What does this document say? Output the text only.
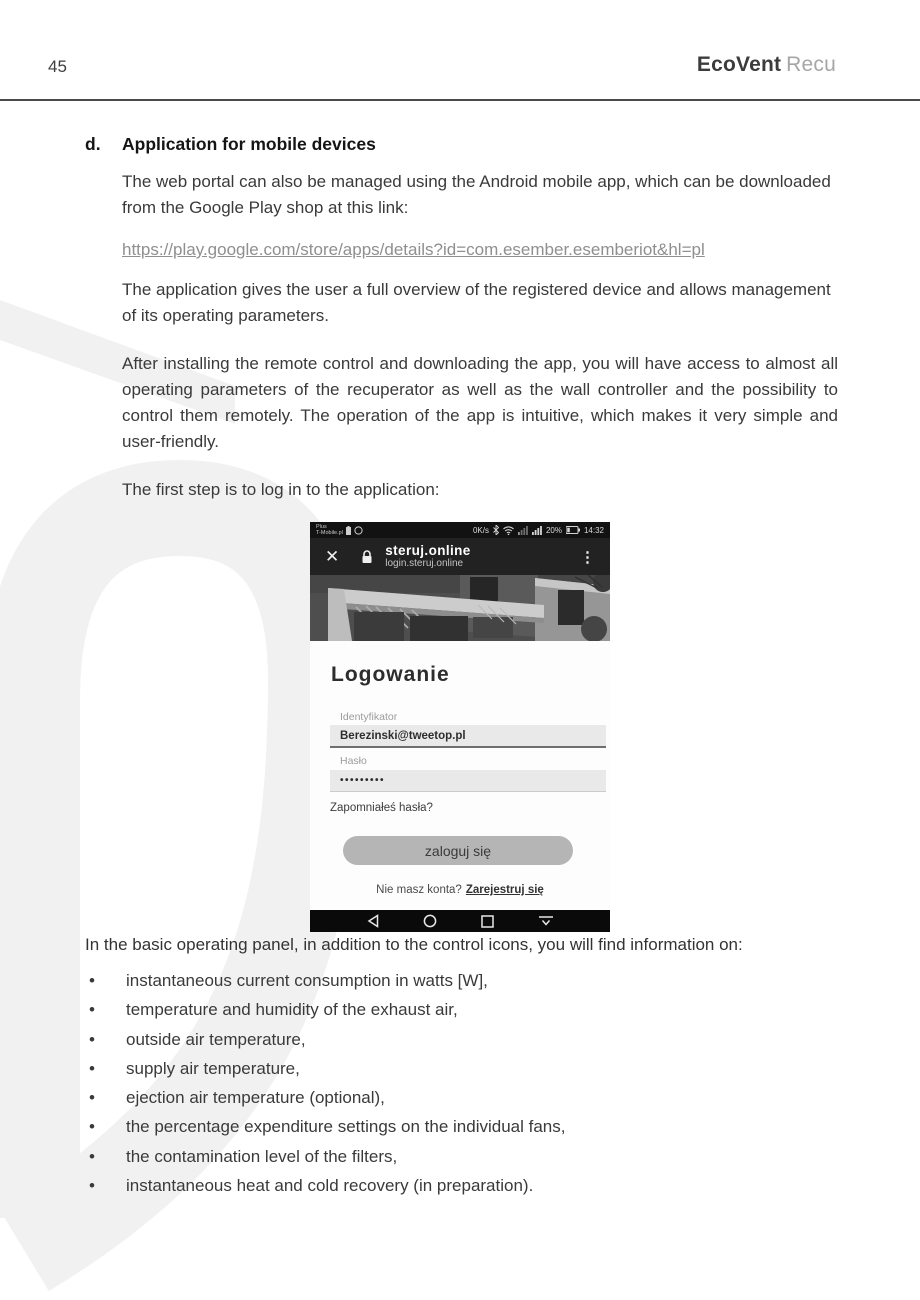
45	EcoVent Recu
d.	Application for mobile devices

The web portal can also be managed using the Android mobile app, which can be downloaded from the Google Play shop at this link:

https://play.google.com/store/apps/details?id=com.esember.esemberiot&hl=pl

The application gives the user a full overview of the registered device and allows management of its operating parameters.

After installing the remote control and downloading the app, you will have access to almost all operating parameters of the recuperator as well as the wall controller and the possibility to control them remotely. The operation of the app is intuitive, which makes it very simple and user-friendly.

The first step is to log in to the application:

Plus
T-Mobile.pl	0K/s	20%	14:32
✕	steruj.online
login.steruj.online	⋮
Logowanie
Identyfikator
Berezinski@tweetop.pl
Hasło
•••••••••
Zapomniałeś hasła?
zaloguj się
Nie masz konta? Zarejestruj się
In the basic operating panel, in addition to the control icons, you will find information on:
•	instantaneous current consumption in watts [W],
•	temperature and humidity of the exhaust air,
•	outside air temperature,
•	supply air temperature,
•	ejection air temperature (optional),
•	the percentage expenditure settings on the individual fans,
•	the contamination level of the filters,
•	instantaneous heat and cold recovery (in preparation).
